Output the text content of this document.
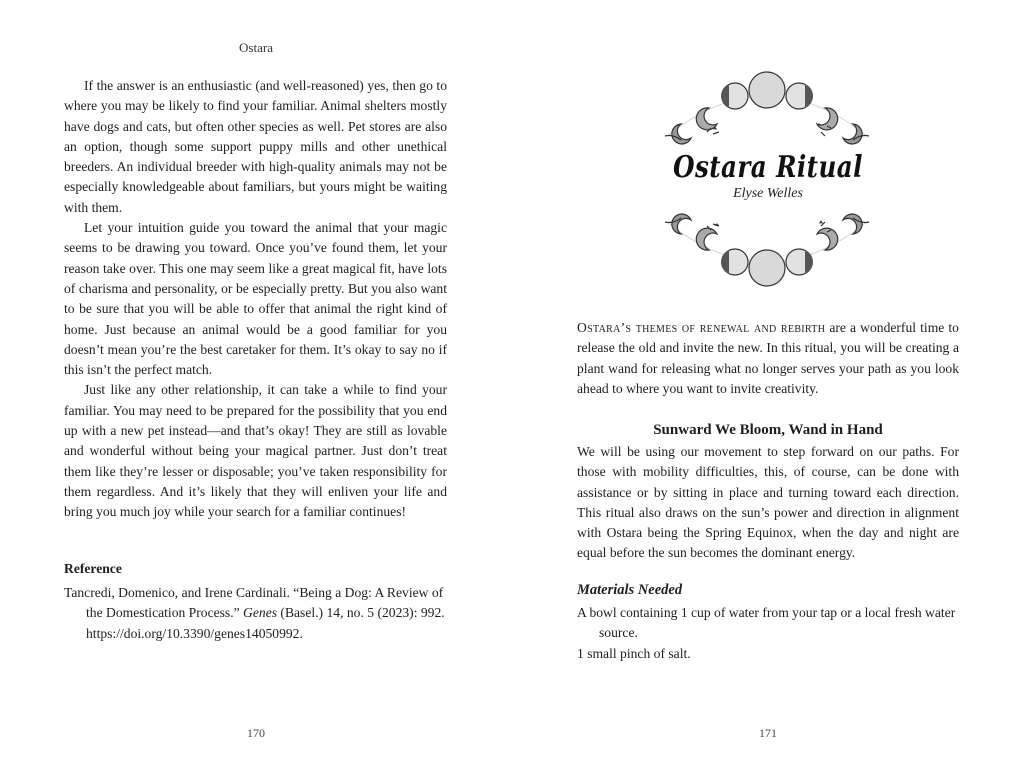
Ostara

If the answer is an enthusiastic (and well-reasoned) yes, then go to where you may be likely to find your familiar. Animal shelters mostly have dogs and cats, but often other species as well. Pet stores are also an option, though some support puppy mills and other unethical breeders. An individual breeder with high-quality animals may not be especially knowledgeable about familiars, but yours might be waiting with them.

Let your intuition guide you toward the animal that your magic seems to be drawing you toward. Once you’ve found them, let your reason take over. This one may seem like a great magical fit, have lots of charisma and personality, or be especially pretty. But you also want to be sure that you will be able to offer that animal the right kind of home. Just because an animal would be a good familiar for you doesn’t mean you’re the best caretaker for them. It’s okay to say no if this isn’t the perfect match.

Just like any other relationship, it can take a while to find your familiar. You may need to be prepared for the possibility that you end up with a new pet instead—and that’s okay! They are still as lovable and wonderful without being your magical partner. Just don’t treat them like they’re lesser or disposable; you’ve taken responsibility for them regardless. And it’s likely that they will enliven your life and bring you much joy while your search for a familiar continues!

Reference
Tancredi, Domenico, and Irene Cardinali. “Being a Dog: A Review of the Domestication Process.” Genes (Basel.) 14, no. 5 (2023): 992. https://doi.org/10.3390/genes14050992.
170
Ostara Ritual
Elyse Welles
Ostara’s themes of renewal and rebirth are a wonderful time to release the old and invite the new. In this ritual, you will be creating a plant wand for releasing what no longer serves your path as you look ahead to where you want to invite creativity.
Sunward We Bloom, Wand in Hand
We will be using our movement to step forward on our paths. For those with mobility difficulties, this, of course, can be done with assistance or by sitting in place and turning toward each direction. This ritual also draws on the sun’s power and direction in alignment with Ostara being the Spring Equinox, when the day and night are equal before the sun becomes the dominant energy.
Materials Needed
A bowl containing 1 cup of water from your tap or a local fresh water source.
1 small pinch of salt.
171
